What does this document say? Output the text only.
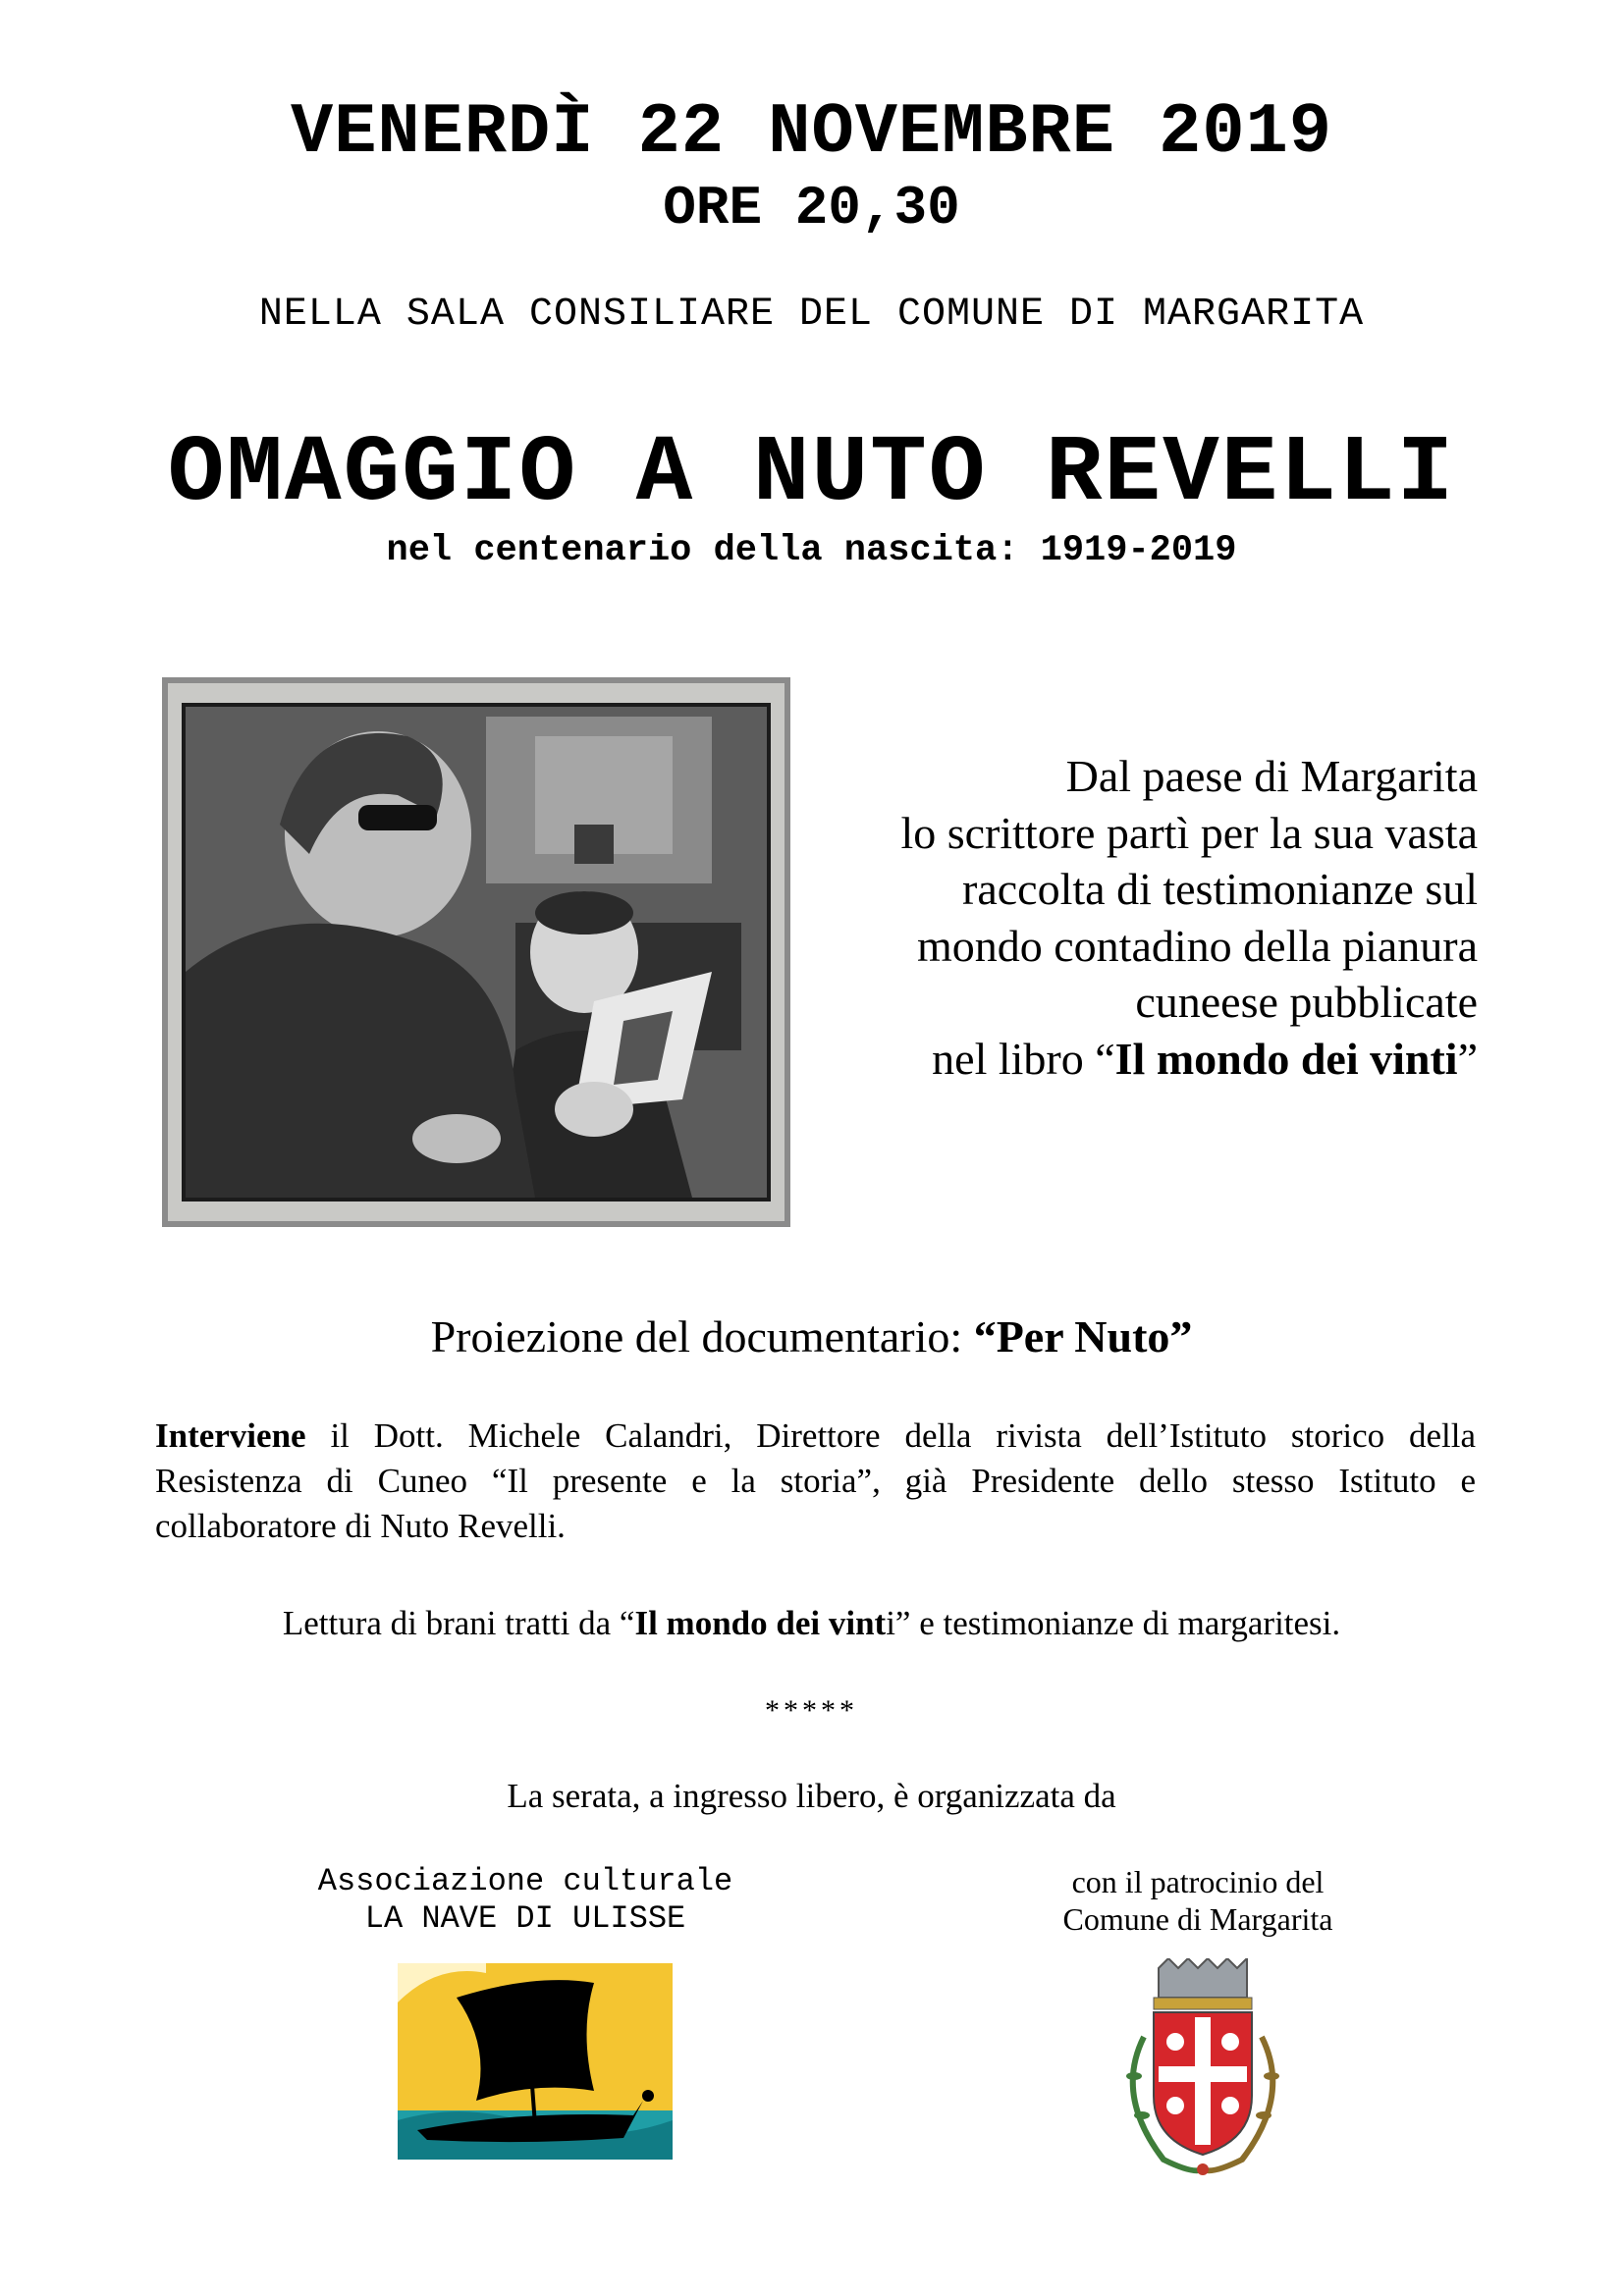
VENERDÌ 22 NOVEMBRE 2019
ORE 20,30
NELLA SALA CONSILIARE DEL COMUNE DI MARGARITA
OMAGGIO A NUTO REVELLI
nel centenario della nascita: 1919-2019
Dal paese di Margarita
lo scrittore partì per la sua vasta
raccolta di testimonianze sul
mondo contadino della pianura
cuneese pubblicate
nel libro “Il mondo dei vinti”
Proiezione del documentario: “Per Nuto”
Interviene il Dott. Michele Calandri, Direttore della rivista dell’Istituto storico della
Resistenza di Cuneo “Il presente e la storia”, già Presidente dello stesso Istituto e
collaboratore di Nuto Revelli.
Lettura di brani tratti da “Il mondo dei vinti” e testimonianze di margaritesi.
*****
La serata, a ingresso libero, è organizzata da
Associazione culturale
LA NAVE DI ULISSE
con il patrocinio del
Comune di Margarita
